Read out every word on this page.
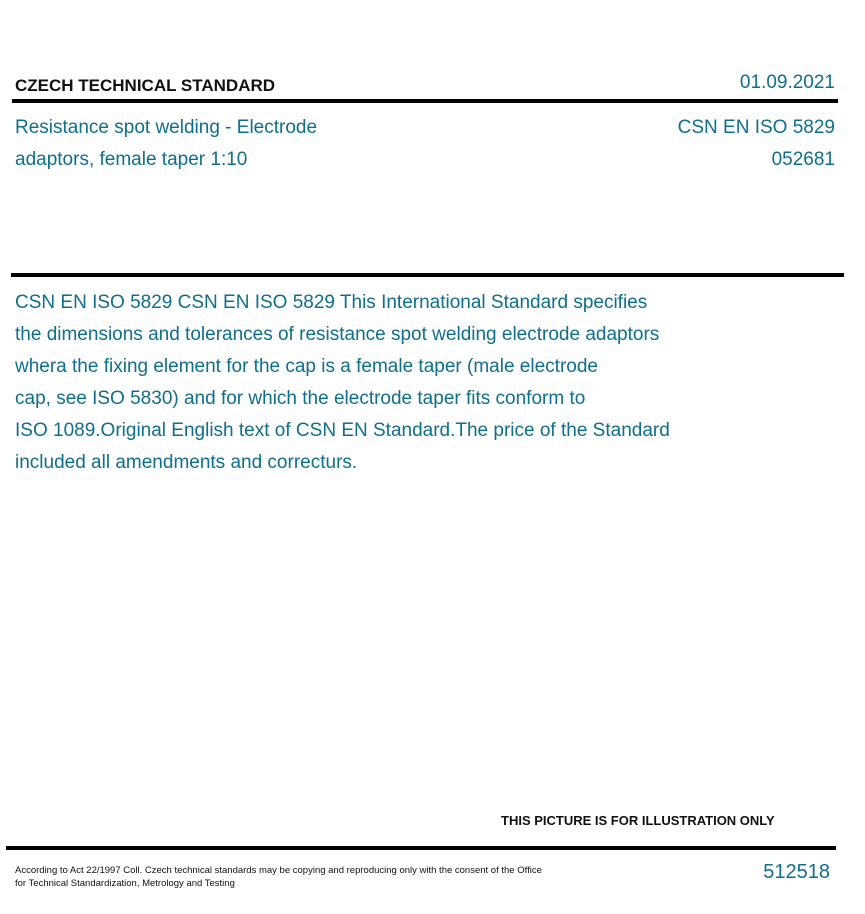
CZECH TECHNICAL STANDARD	01.09.2021
Resistance spot welding - Electrode
adaptors, female taper 1:10
CSN EN ISO 5829
052681
CSN EN ISO 5829 CSN EN ISO 5829 This International Standard specifies
the dimensions and tolerances of resistance spot welding electrode adaptors
whera the fixing element for the cap is a female taper (male electrode
cap, see ISO 5830) and for which the electrode taper fits conform to
ISO 1089.Original English text of CSN EN Standard.The price of the Standard
included all amendments and correcturs.
THIS PICTURE IS FOR ILLUSTRATION ONLY
According to Act 22/1997 Coll. Czech technical standards may be copying and reproducing only with the consent of the Office
for Technical Standardization, Metrology and Testing
512518
